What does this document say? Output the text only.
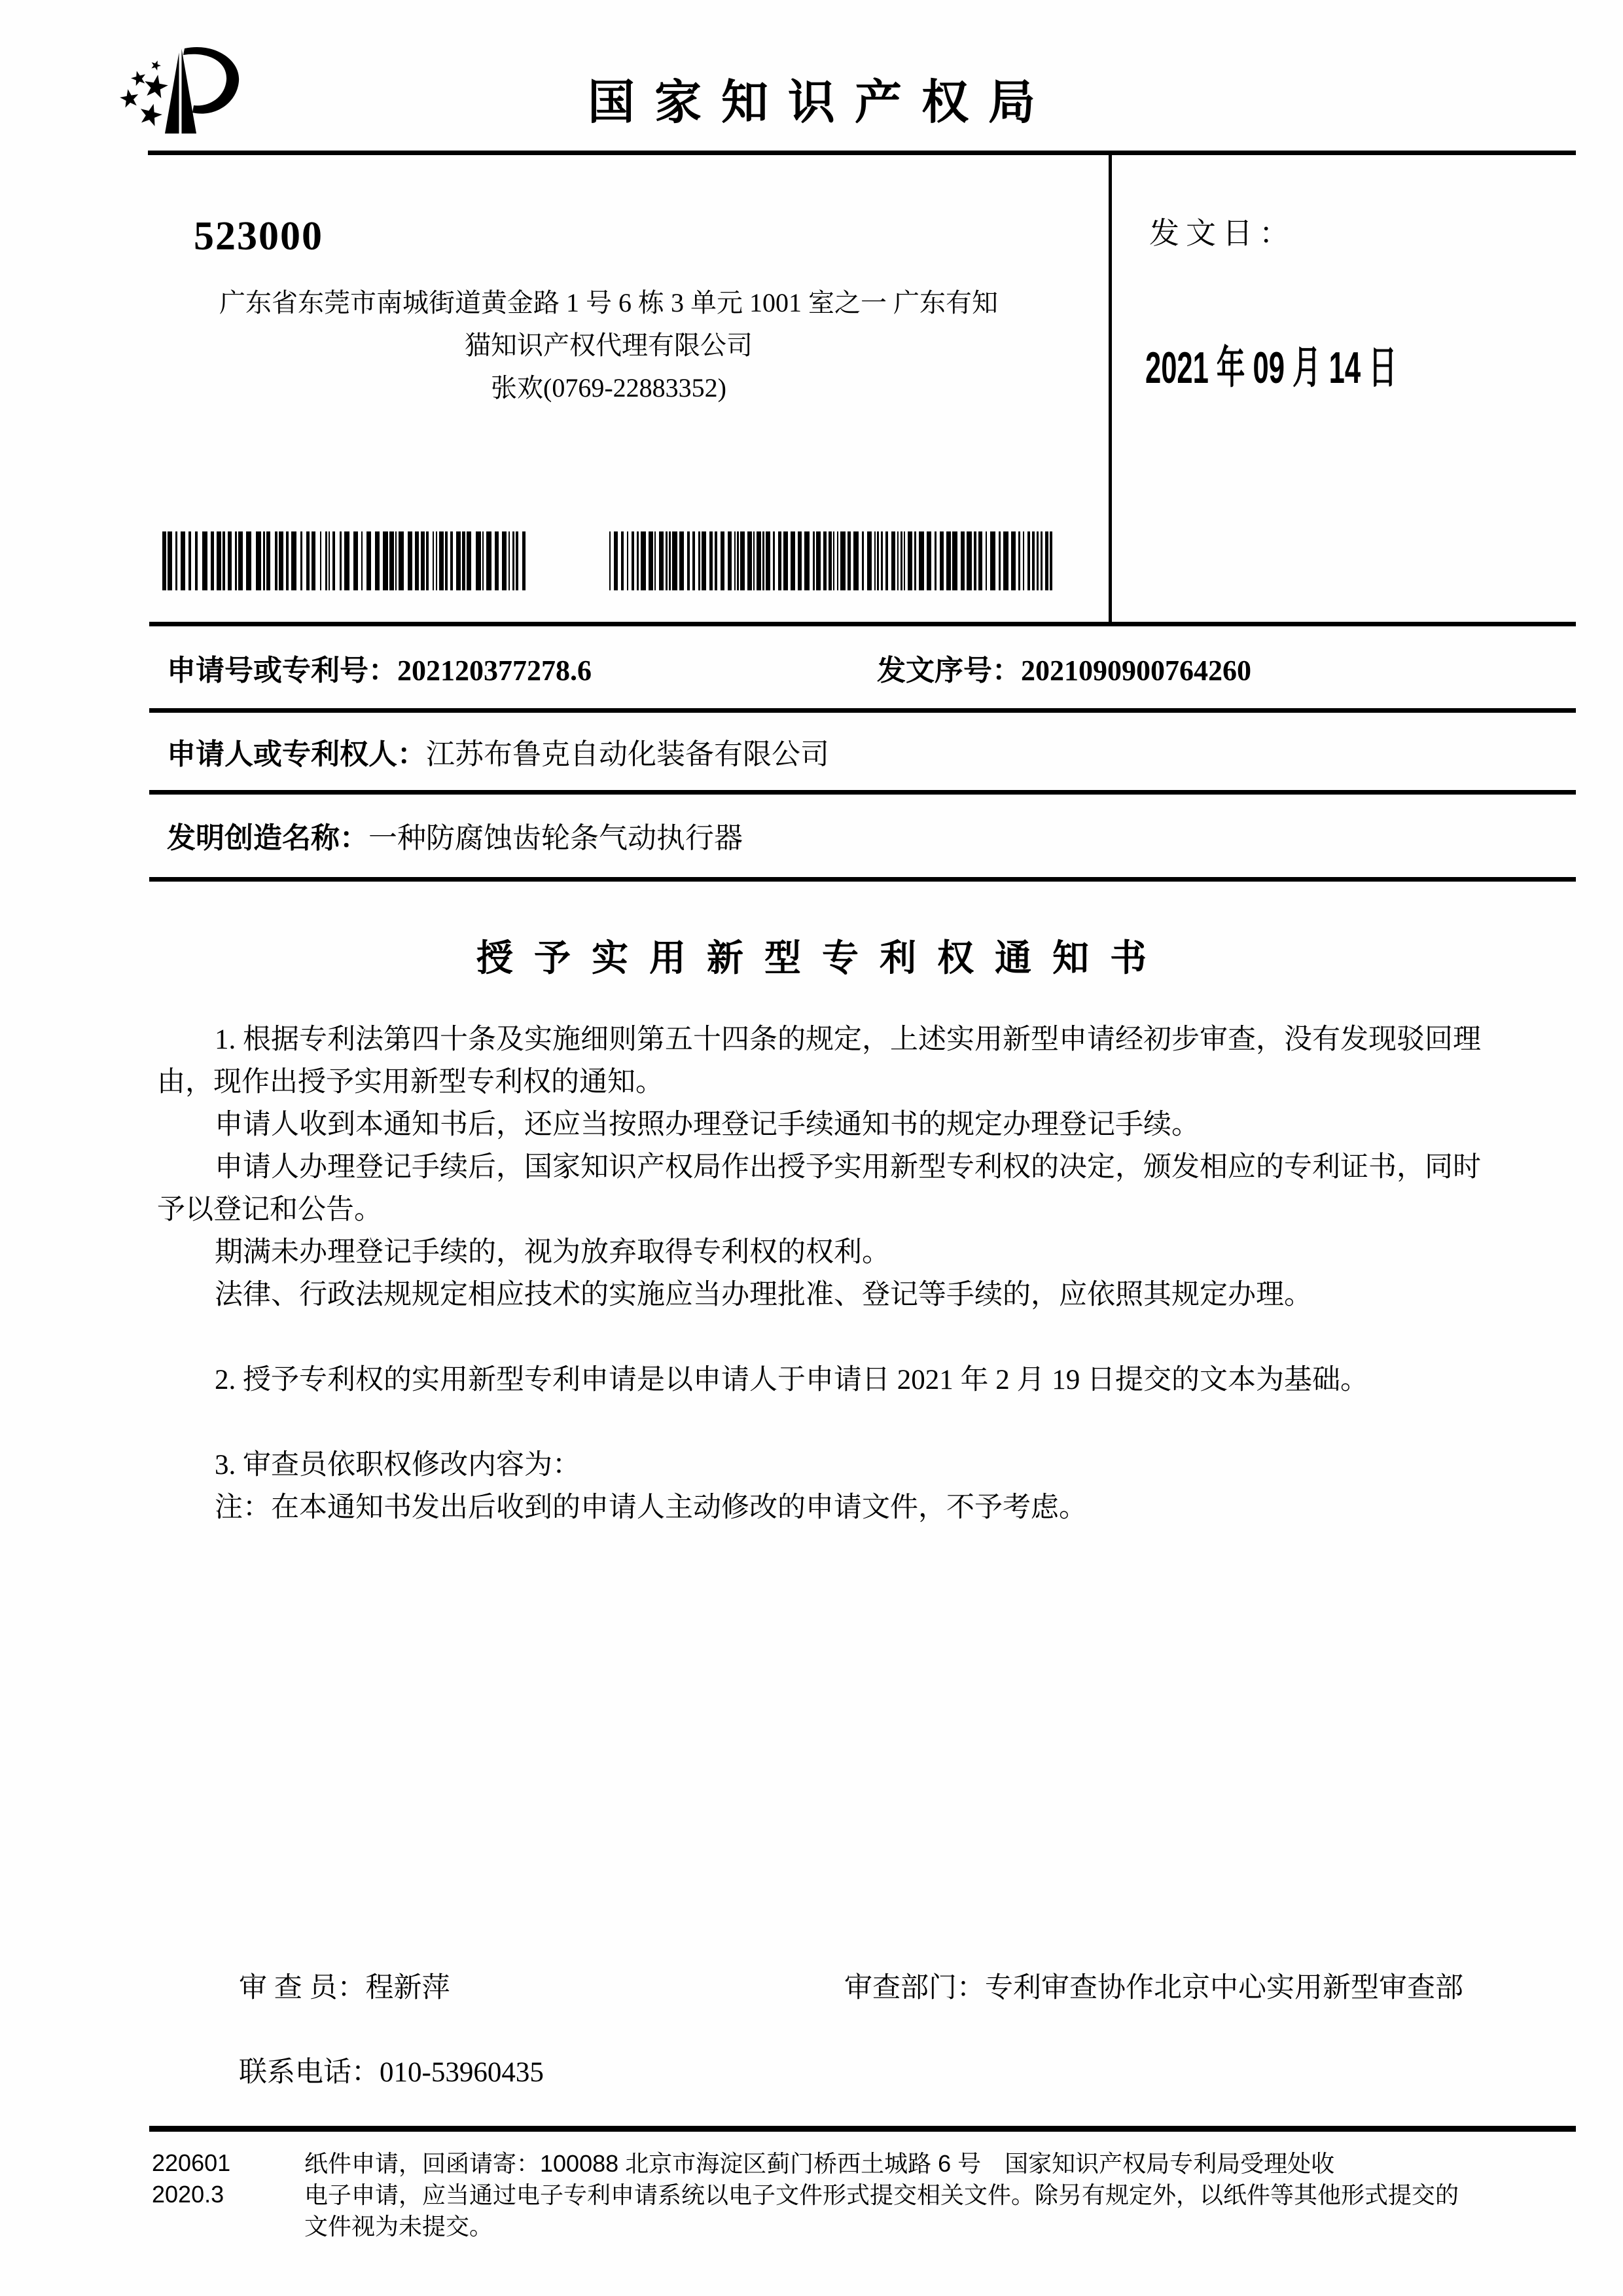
国家知识产权局
523000
广东省东莞市南城街道黄金路 1 号 6 栋 3 单元 1001 室之一 广东有知
猫知识产权代理有限公司
张欢(0769-22883352)
发文日：
2021 年 09 月 14 日
申请号或专利号：202120377278.6	发文序号：2021090900764260
申请人或专利权人：江苏布鲁克自动化装备有限公司
发明创造名称：一种防腐蚀齿轮条气动执行器
授予实用新型专利权通知书
1. 根据专利法第四十条及实施细则第五十四条的规定，上述实用新型申请经初步审查，没有发现驳回理
由，现作出授予实用新型专利权的通知。
申请人收到本通知书后，还应当按照办理登记手续通知书的规定办理登记手续。
申请人办理登记手续后，国家知识产权局作出授予实用新型专利权的决定，颁发相应的专利证书，同时
予以登记和公告。
期满未办理登记手续的，视为放弃取得专利权的权利。
法律、行政法规规定相应技术的实施应当办理批准、登记等手续的，应依照其规定办理。

2. 授予专利权的实用新型专利申请是以申请人于申请日 2021 年 2 月 19 日提交的文本为基础。

3. 审查员依职权修改内容为：
注：在本通知书发出后收到的申请人主动修改的申请文件，不予考虑。
审 查 员：程新萍	审查部门：专利审查协作北京中心实用新型审查部
联系电话：010-53960435
220601
2020.3
纸件申请，回函请寄：100088 北京市海淀区蓟门桥西土城路 6 号　国家知识产权局专利局受理处收
电子申请，应当通过电子专利申请系统以电子文件形式提交相关文件。除另有规定外，以纸件等其他形式提交的
文件视为未提交。
